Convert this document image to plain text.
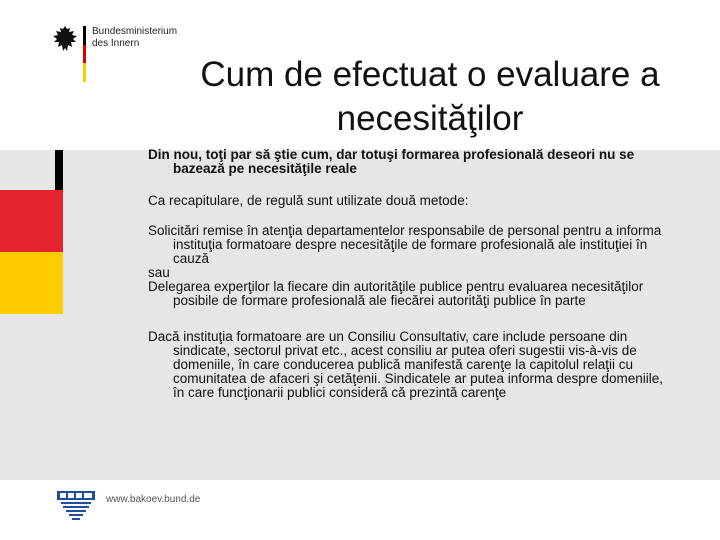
Bundesministerium
des Innern
Cum de efectuat o evaluare a necesităţilor

Din nou, toţi par să ştie cum, dar totuşi formarea profesională deseori nu se bazează pe necesităţile reale

Ca recapitulare, de regulă sunt utilizate două metode:

Solicitări remise în atenţia departamentelor responsabile de personal pentru a informa instituţia formatoare despre necesităţile de formare profesională ale instituţiei în cauză

sau

Delegarea experţilor la fiecare din autorităţile publice pentru evaluarea necesităţilor posibile de formare profesională ale fiecărei autorităţi publice în parte

Dacă instituţia formatoare are un Consiliu Consultativ, care include persoane din sindicate, sectorul privat etc., acest consiliu ar putea oferi sugestii vis-à-vis de domeniile, în care conducerea publică manifestă carenţe la capitolul relaţii cu comunitatea de afaceri şi cetăţenii. Sindicatele ar putea informa despre domeniile, în care funcţionarii publici consideră că prezintă carenţe

www.bakoev.bund.de
